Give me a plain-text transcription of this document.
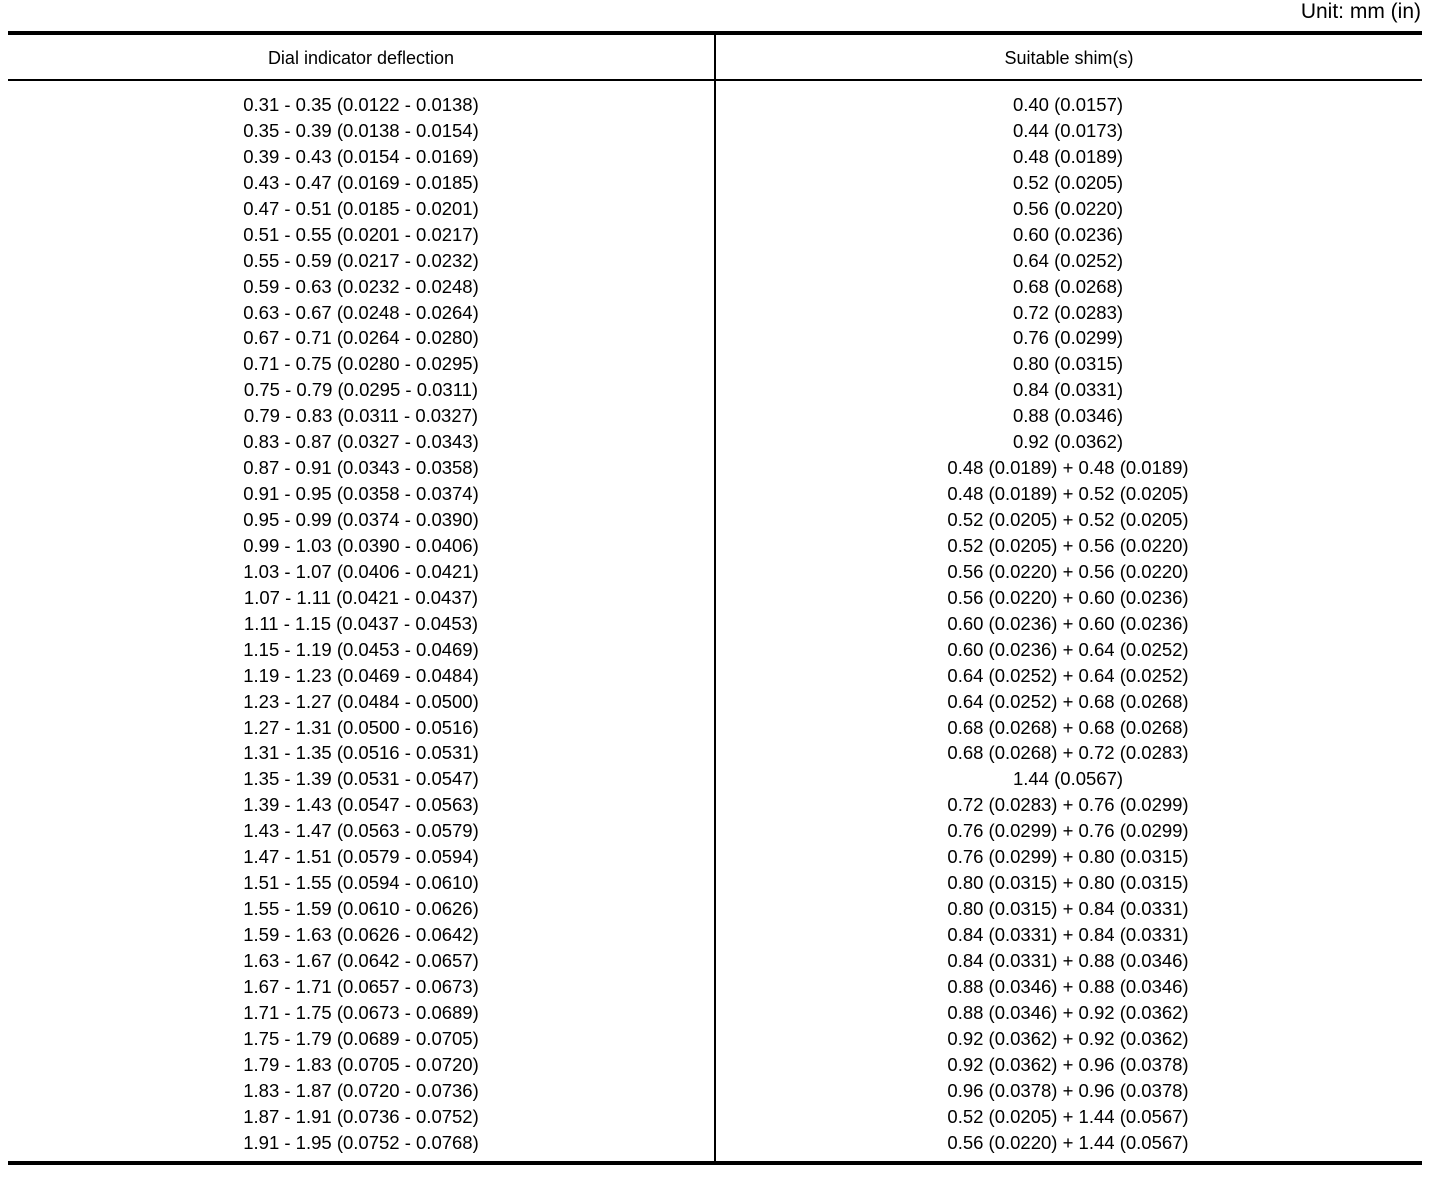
Unit: mm (in)
Dial indicator deflection	Suitable shim(s)
0.31 - 0.35 (0.0122 - 0.0138)	0.40 (0.0157)
0.35 - 0.39 (0.0138 - 0.0154)	0.44 (0.0173)
0.39 - 0.43 (0.0154 - 0.0169)	0.48 (0.0189)
0.43 - 0.47 (0.0169 - 0.0185)	0.52 (0.0205)
0.47 - 0.51 (0.0185 - 0.0201)	0.56 (0.0220)
0.51 - 0.55 (0.0201 - 0.0217)	0.60 (0.0236)
0.55 - 0.59 (0.0217 - 0.0232)	0.64 (0.0252)
0.59 - 0.63 (0.0232 - 0.0248)	0.68 (0.0268)
0.63 - 0.67 (0.0248 - 0.0264)	0.72 (0.0283)
0.67 - 0.71 (0.0264 - 0.0280)	0.76 (0.0299)
0.71 - 0.75 (0.0280 - 0.0295)	0.80 (0.0315)
0.75 - 0.79 (0.0295 - 0.0311)	0.84 (0.0331)
0.79 - 0.83 (0.0311 - 0.0327)	0.88 (0.0346)
0.83 - 0.87 (0.0327 - 0.0343)	0.92 (0.0362)
0.87 - 0.91 (0.0343 - 0.0358)	0.48 (0.0189) + 0.48 (0.0189)
0.91 - 0.95 (0.0358 - 0.0374)	0.48 (0.0189) + 0.52 (0.0205)
0.95 - 0.99 (0.0374 - 0.0390)	0.52 (0.0205) + 0.52 (0.0205)
0.99 - 1.03 (0.0390 - 0.0406)	0.52 (0.0205) + 0.56 (0.0220)
1.03 - 1.07 (0.0406 - 0.0421)	0.56 (0.0220) + 0.56 (0.0220)
1.07 - 1.11 (0.0421 - 0.0437)	0.56 (0.0220) + 0.60 (0.0236)
1.11 - 1.15 (0.0437 - 0.0453)	0.60 (0.0236) + 0.60 (0.0236)
1.15 - 1.19 (0.0453 - 0.0469)	0.60 (0.0236) + 0.64 (0.0252)
1.19 - 1.23 (0.0469 - 0.0484)	0.64 (0.0252) + 0.64 (0.0252)
1.23 - 1.27 (0.0484 - 0.0500)	0.64 (0.0252) + 0.68 (0.0268)
1.27 - 1.31 (0.0500 - 0.0516)	0.68 (0.0268) + 0.68 (0.0268)
1.31 - 1.35 (0.0516 - 0.0531)	0.68 (0.0268) + 0.72 (0.0283)
1.35 - 1.39 (0.0531 - 0.0547)	1.44 (0.0567)
1.39 - 1.43 (0.0547 - 0.0563)	0.72 (0.0283) + 0.76 (0.0299)
1.43 - 1.47 (0.0563 - 0.0579)	0.76 (0.0299) + 0.76 (0.0299)
1.47 - 1.51 (0.0579 - 0.0594)	0.76 (0.0299) + 0.80 (0.0315)
1.51 - 1.55 (0.0594 - 0.0610)	0.80 (0.0315) + 0.80 (0.0315)
1.55 - 1.59 (0.0610 - 0.0626)	0.80 (0.0315) + 0.84 (0.0331)
1.59 - 1.63 (0.0626 - 0.0642)	0.84 (0.0331) + 0.84 (0.0331)
1.63 - 1.67 (0.0642 - 0.0657)	0.84 (0.0331) + 0.88 (0.0346)
1.67 - 1.71 (0.0657 - 0.0673)	0.88 (0.0346) + 0.88 (0.0346)
1.71 - 1.75 (0.0673 - 0.0689)	0.88 (0.0346) + 0.92 (0.0362)
1.75 - 1.79 (0.0689 - 0.0705)	0.92 (0.0362) + 0.92 (0.0362)
1.79 - 1.83 (0.0705 - 0.0720)	0.92 (0.0362) + 0.96 (0.0378)
1.83 - 1.87 (0.0720 - 0.0736)	0.96 (0.0378) + 0.96 (0.0378)
1.87 - 1.91 (0.0736 - 0.0752)	0.52 (0.0205) + 1.44 (0.0567)
1.91 - 1.95 (0.0752 - 0.0768)	0.56 (0.0220) + 1.44 (0.0567)
